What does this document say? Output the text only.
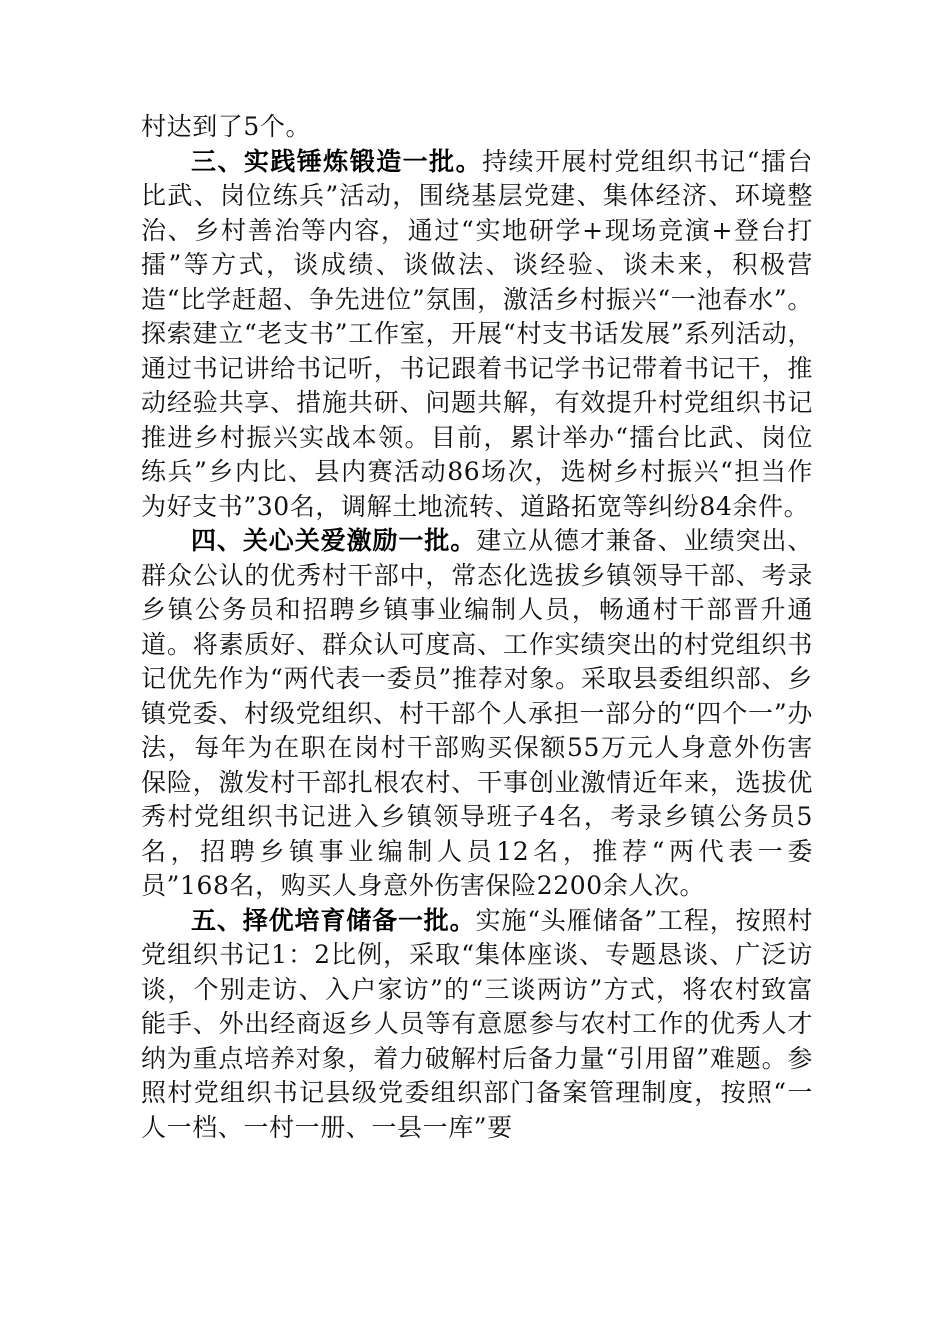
村达到了5个。

三、实践锤炼锻造一批。持续开展村党组织书记“擂台比武、岗位练兵”活动，围绕基层党建、集体经济、环境整治、乡村善治等内容，通过“实地研学+现场竞演+登台打擂”等方式，谈成绩、谈做法、谈经验、谈未来，积极营造“比学赶超、争先进位”氛围，激活乡村振兴“一池春水”。探索建立“老支书”工作室，开展“村支书话发展”系列活动，通过书记讲给书记听，书记跟着书记学书记带着书记干，推动经验共享、措施共研、问题共解，有效提升村党组织书记推进乡村振兴实战本领。目前，累计举办“擂台比武、岗位练兵”乡内比、县内赛活动86场次，选树乡村振兴“担当作为好支书”30名，调解土地流转、道路拓宽等纠纷84余件。

四、关心关爱激励一批。建立从德才兼备、业绩突出、群众公认的优秀村干部中，常态化选拔乡镇领导干部、考录乡镇公务员和招聘乡镇事业编制人员，畅通村干部晋升通道。将素质好、群众认可度高、工作实绩突出的村党组织书记优先作为“两代表一委员”推荐对象。采取县委组织部、乡镇党委、村级党组织、村干部个人承担一部分的“四个一”办法，每年为在职在岗村干部购买保额55万元人身意外伤害保险，激发村干部扎根农村、干事创业激情近年来，选拔优秀村党组织书记进入乡镇领导班子4名，考录乡镇公务员5名，招聘乡镇事业编制人员12名，推荐“两代表一委员”168名，购买人身意外伤害保险2200余人次。

五、择优培育储备一批。实施“头雁储备”工程，按照村党组织书记1：2比例，采取“集体座谈、专题恳谈、广泛访谈，个别走访、入户家访”的“三谈两访”方式，将农村致富能手、外出经商返乡人员等有意愿参与农村工作的优秀人才纳为重点培养对象，着力破解村后备力量“引用留”难题。参照村党组织书记县级党委组织部门备案管理制度，按照“一人一档、一村一册、一县一库”要
